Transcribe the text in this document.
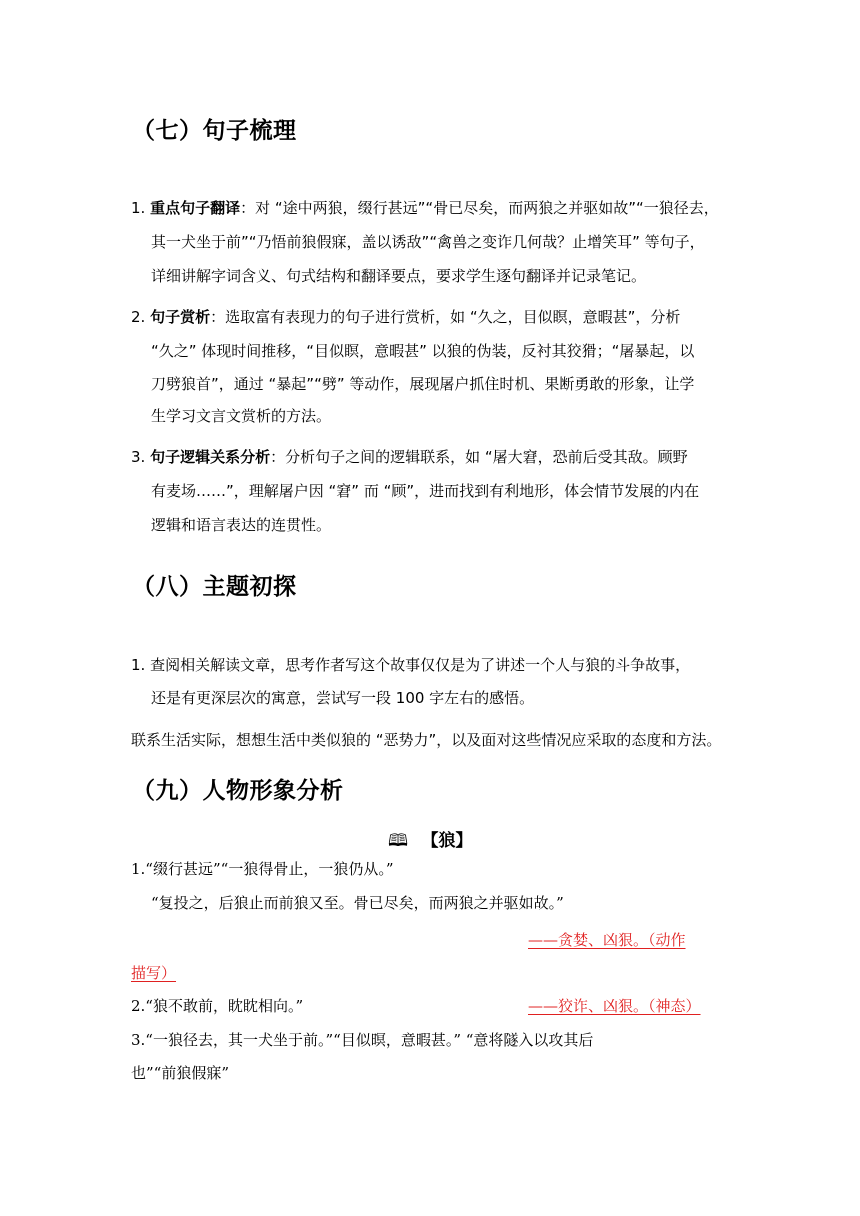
（七）句子梳理
1. 重点句子翻译：对 “途中两狼，缀行甚远”“骨已尽矣，而两狼之并驱如故”“一狼径去，
其一犬坐于前”“乃悟前狼假寐，盖以诱敌”“禽兽之变诈几何哉？止增笑耳” 等句子，
详细讲解字词含义、句式结构和翻译要点，要求学生逐句翻译并记录笔记。
2. 句子赏析：选取富有表现力的句子进行赏析，如 “久之，目似瞑，意暇甚”，分析
“久之” 体现时间推移，“目似瞑，意暇甚” 以狼的伪装，反衬其狡猾；“屠暴起，以
刀劈狼首”，通过 “暴起”“劈” 等动作，展现屠户抓住时机、果断勇敢的形象，让学
生学习文言文赏析的方法。
3. 句子逻辑关系分析：分析句子之间的逻辑联系，如 “屠大窘，恐前后受其敌。顾野
有麦场……”，理解屠户因 “窘” 而 “顾”，进而找到有利地形，体会情节发展的内在
逻辑和语言表达的连贯性。
（八）主题初探
1. 查阅相关解读文章，思考作者写这个故事仅仅是为了讲述一个人与狼的斗争故事，
还是有更深层次的寓意，尝试写一段 100 字左右的感悟。
联系生活实际，想想生活中类似狼的 “恶势力”，以及面对这些情况应采取的态度和方法。
（九）人物形象分析
🕮 【狼】
1.“缀行甚远”“一狼得骨止，一狼仍从。”
“复投之，后狼止而前狼又至。骨已尽矣，而两狼之并驱如故。”
——贪婪、凶狠。（动作
描写）
2.“狼不敢前，眈眈相向。”	——狡诈、凶狠。（神态）
3.“一狼径去，其一犬坐于前。”“目似暝，意暇甚。” “意将隧入以攻其后
也”“前狼假寐”
